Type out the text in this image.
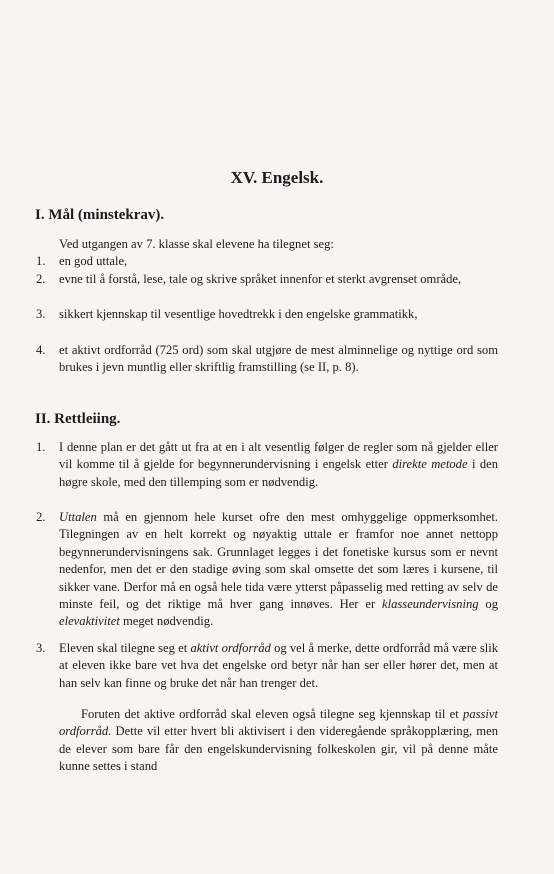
XV. Engelsk.
I. Mål (minstekrav).
Ved utgangen av 7. klasse skal elevene ha tilegnet seg:
1. en god uttale,
2. evne til å forstå, lese, tale og skrive språket innenfor et sterkt avgrenset område,
3. sikkert kjennskap til vesentlige hovedtrekk i den engelske grammatikk,
4. et aktivt ordforråd (725 ord) som skal utgjøre de mest alminnelige og nyttige ord som brukes i jevn muntlig eller skriftlig framstilling (se II, p. 8).
II. Rettleiing.
1. I denne plan er det gått ut fra at en i alt vesentlig følger de regler som nå gjelder eller vil komme til å gjelde for begynnerundervisning i engelsk etter direkte metode i den høgre skole, med den tillemping som er nødvendig.
2. Uttalen må en gjennom hele kurset ofre den mest omhyggelige oppmerksomhet. Tilegningen av en helt korrekt og nøyaktig uttale er framfor noe annet nettopp begynnerundervisningens sak. Grunnlaget legges i det fonetiske kursus som er nevnt nedenfor, men det er den stadige øving som skal omsette det som læres i kursene, til sikker vane. Derfor må en også hele tida være ytterst påpasselig med retting av selv de minste feil, og det riktige må hver gang innøves. Her er klasseundervisning og elevaktivitet meget nødvendig.
3. Eleven skal tilegne seg et aktivt ordforråd og vel å merke, dette ordforråd må være slik at eleven ikke bare vet hva det engelske ord betyr når han ser eller hører det, men at han selv kan finne og bruke det når han trenger det.
Foruten det aktive ordforråd skal eleven også tilegne seg kjennskap til et passivt ordforråd. Dette vil etter hvert bli aktivisert i den videregående språkopplæring, men de elever som bare får den engelskundervisning folkeskolen gir, vil på denne måte kunne settes i stand
